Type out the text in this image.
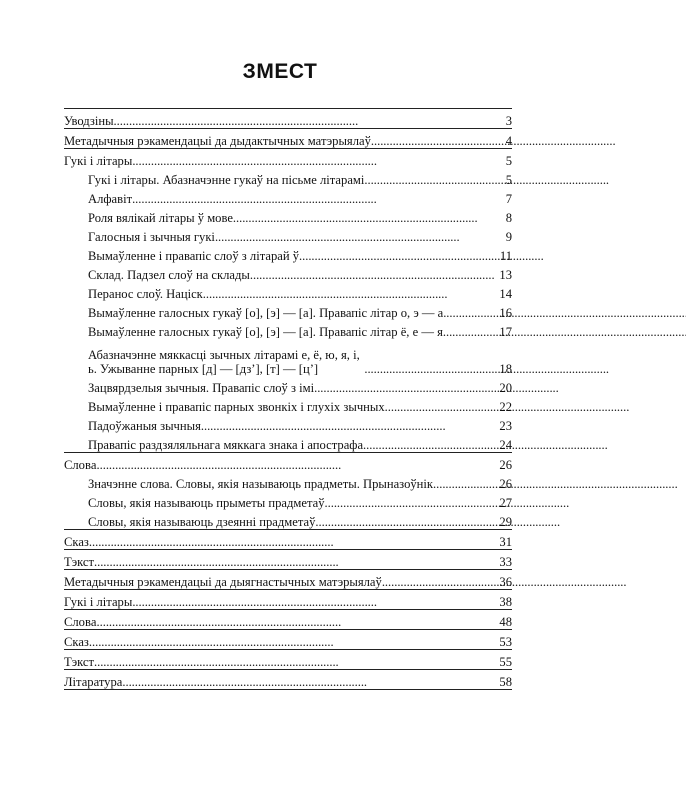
ЗМЕСТ
Уводзіны . . .	3
Метадычныя рэкамендацыі да дыдактычных матэрыялаў . . .	4
Гукі і літары . . .	5
Гукі і літары. Абазначэнне гукаў на пісьме літарамі . . .	5
Алфавіт . . .	7
Роля вялікай літары ў мове . . .	8
Галосныя і зычныя гукі . . .	9
Вымаўленне і правапіс слоў з літарай ў . . .	11
Склад. Падзел слоў на склады . . .	13
Перанос слоў. Націск . . .	14
Вымаўленне галосных гукаў [о], [э] — [а]. Правапіс літар о, э — а . . .	16
Вымаўленне галосных гукаў [о], [э] — [а]. Правапіс літар ё, е — я . . .	17
Абазначэнне мяккасці зычных літарамі е, ё, ю, я, і, ь. Ужыванне парных [д] — [дз’], [т] — [ц’] . . .	18
Зацвярдзелыя зычныя. Правапіс слоў з імі . . .	20
Вымаўленне і правапіс парных звонкіх і глухіх зычных . . .	22
Падоўжаныя зычныя . . .	23
Правапіс раздзяляльнага мяккага знака і апострафа . . .	24
Словa . . .	26
Значэнне слова. Словы, якія называюць прадметы. Прыназоўнік . . .	26
Словы, якія называюць прыметы прадметаў . . .	27
Словы, якія называюць дзеянні прадметаў . . .	29
Сказ . . .	31
Тэкст . . .	33
Метадычныя рэкамендацыі да дыягнастычных матэрыялаў . . .	36
Гукі і літары . . .	38
Словa . . .	48
Сказ . . .	53
Тэкст . . .	55
Літаратура . . .	58
